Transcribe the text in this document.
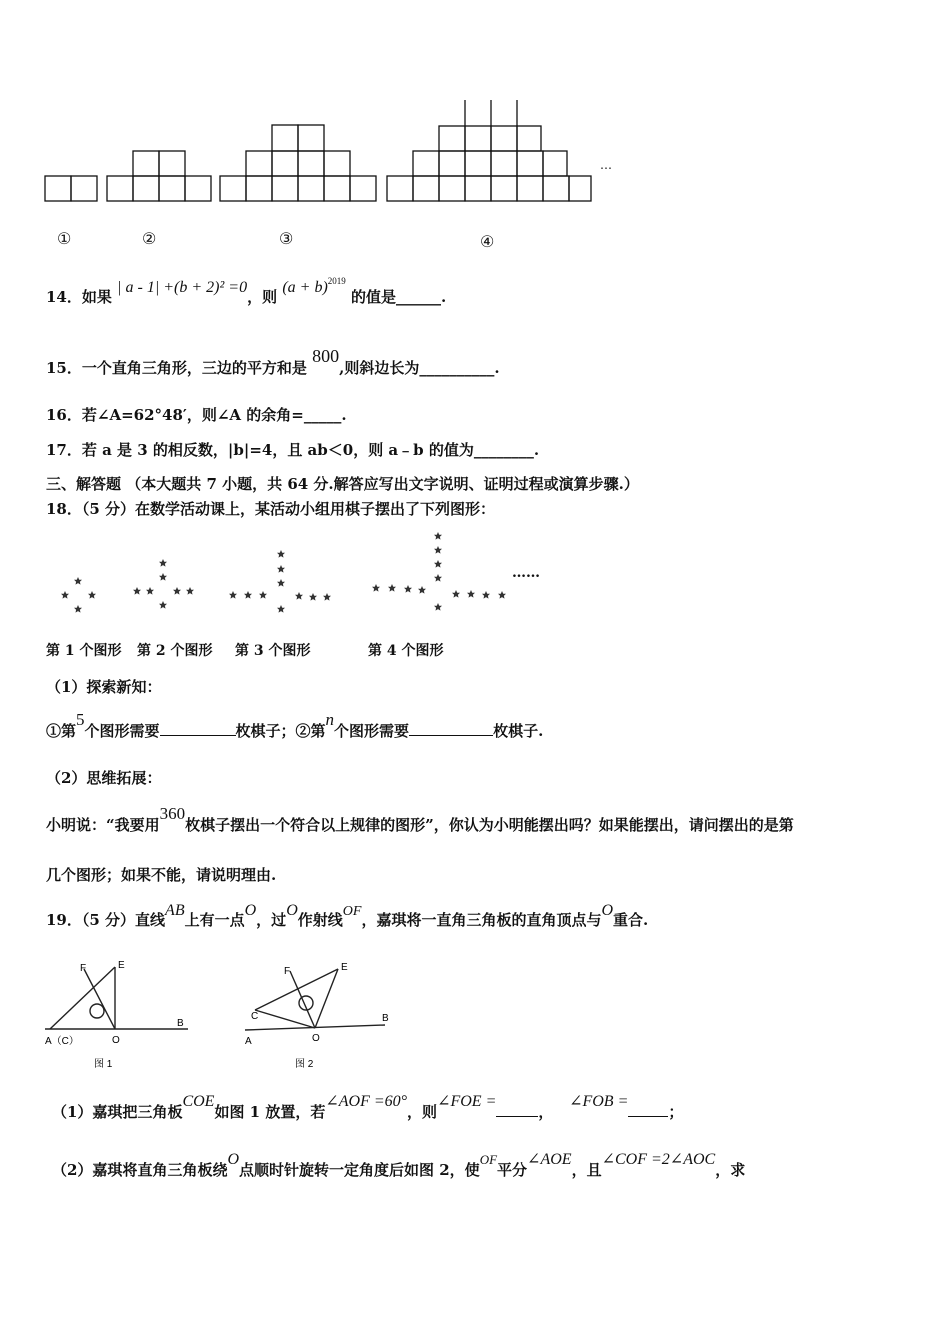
…
①	②	③	④
14．如果 | a - 1| +(b + 2)² =0，则 $(a + b)^{2019}$ 的值是______.
15．一个直角三角形，三边的平方和是 800,则斜边长为__________.
16．若∠A=62°48′，则∠A 的余角=_____.
17．若 a 是 3 的相反数，|b|=4，且 ab＜0，则 a﹣b 的值为________.
三、解答题 （本大题共 7 小题，共 64 分.解答应写出文字说明、证明过程或演算步骤.）
18．（5 分）在数学活动课上，某活动小组用棋子摆出了下列图形：
……
第 1 个图形 第 2 个图形 第 3 个图形	第 4 个图形
（1）探索新知：
①第5个图形需要	枚棋子；②第n个图形需要	枚棋子.
（2）思维拓展：
小明说：“我要用360枚棋子摆出一个符合以上规律的图形”，你认为小明能摆出吗？如果能摆出，请问摆出的是第
几个图形；如果不能，请说明理由.
19．（5 分）直线AB上有一点O，过O作射线OF，嘉琪将一直角三角板的直角顶点与O重合.
F	E
A（C）	O
B
图 1
F	E
C
A	O
B
图 2
（1）嘉琪把三角板COE如图 1 放置，若∠AOF =60°，则∠FOE =，   ∠FOB =；
（2）嘉琪将直角三角板绕O点顺时针旋转一定角度后如图 2，使OF平分∠AOE，且∠COF =2∠AOC，求
